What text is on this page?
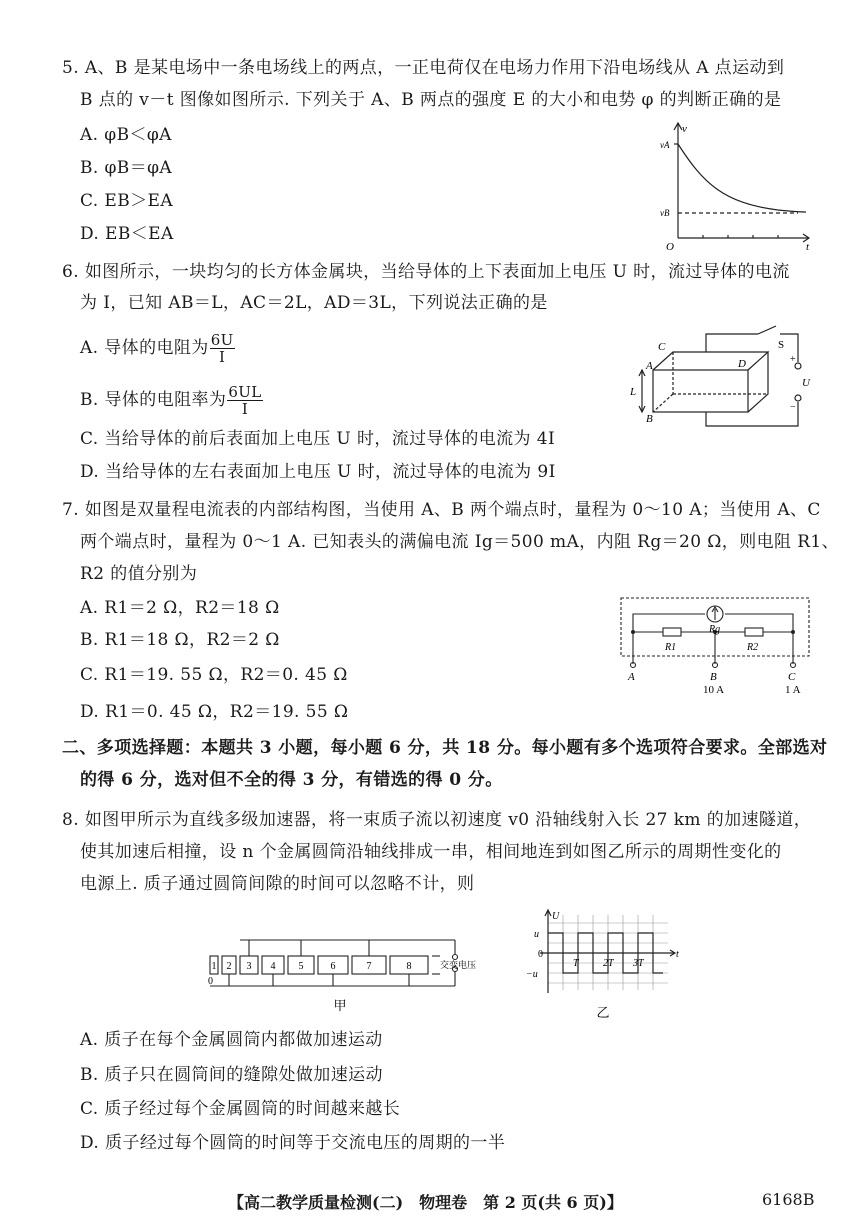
5. A、B 是某电场中一条电场线上的两点，一正电荷仅在电场力作用下沿电场线从 A 点运动到
B 点的 v－t 图像如图所示. 下列关于 A、B 两点的强度 E 的大小和电势 φ 的判断正确的是
A. φB＜φA
B. φB＝φA
C. EB＞EA
D. EB＜EA
v
vA
vB
O	t
6. 如图所示，一块均匀的长方体金属块，当给导体的上下表面加上电压 U 时，流过导体的电流
为 I，已知 AB＝L，AC＝2L，AD＝3L，下列说法正确的是
A. 导体的电阻为 $\frac{6U}{I}$
B. 导体的电阻率为 $\frac{6UL}{I}$
C. 当给导体的前后表面加上电压 U 时，流过导体的电流为 4I
D. 当给导体的左右表面加上电压 U 时，流过导体的电流为 9I
C
A	D
B
L
S
+
U
−
7. 如图是双量程电流表的内部结构图，当使用 A、B 两个端点时，量程为 0～10 A；当使用 A、C
两个端点时，量程为 0～1 A. 已知表头的满偏电流 Ig＝500 mA，内阻 Rg＝20 Ω，则电阻 R1、
R2 的值分别为
A. R1＝2 Ω，R2＝18 Ω
B. R1＝18 Ω，R2＝2 Ω
C. R1＝19. 55 Ω，R2＝0. 45 Ω
D. R1＝0. 45 Ω，R2＝19. 55 Ω
Rg
R1	R2
A	B	C
10 A	1 A
二、多项选择题：本题共 3 小题，每小题 6 分，共 18 分。每小题有多个选项符合要求。全部选对
的得 6 分，选对但不全的得 3 分，有错选的得 0 分。
8. 如图甲所示为直线多级加速器，将一束质子流以初速度 v0 沿轴线射入长 27 km 的加速隧道，
使其加速后相撞，设 n 个金属圆筒沿轴线排成一串，相间地连到如图乙所示的周期性变化的
电源上. 质子通过圆筒间隙的时间可以忽略不计，则
1 2 3 4 5	6	7	8
0
交变电压
甲
U
u
0
−u
T 2T 3T
t
乙
A. 质子在每个金属圆筒内都做加速运动
B. 质子只在圆筒间的缝隙处做加速运动
C. 质子经过每个金属圆筒的时间越来越长
D. 质子经过每个圆筒的时间等于交流电压的周期的一半
【高二教学质量检测(二)　物理卷　第 2 页(共 6 页)】	6168B
